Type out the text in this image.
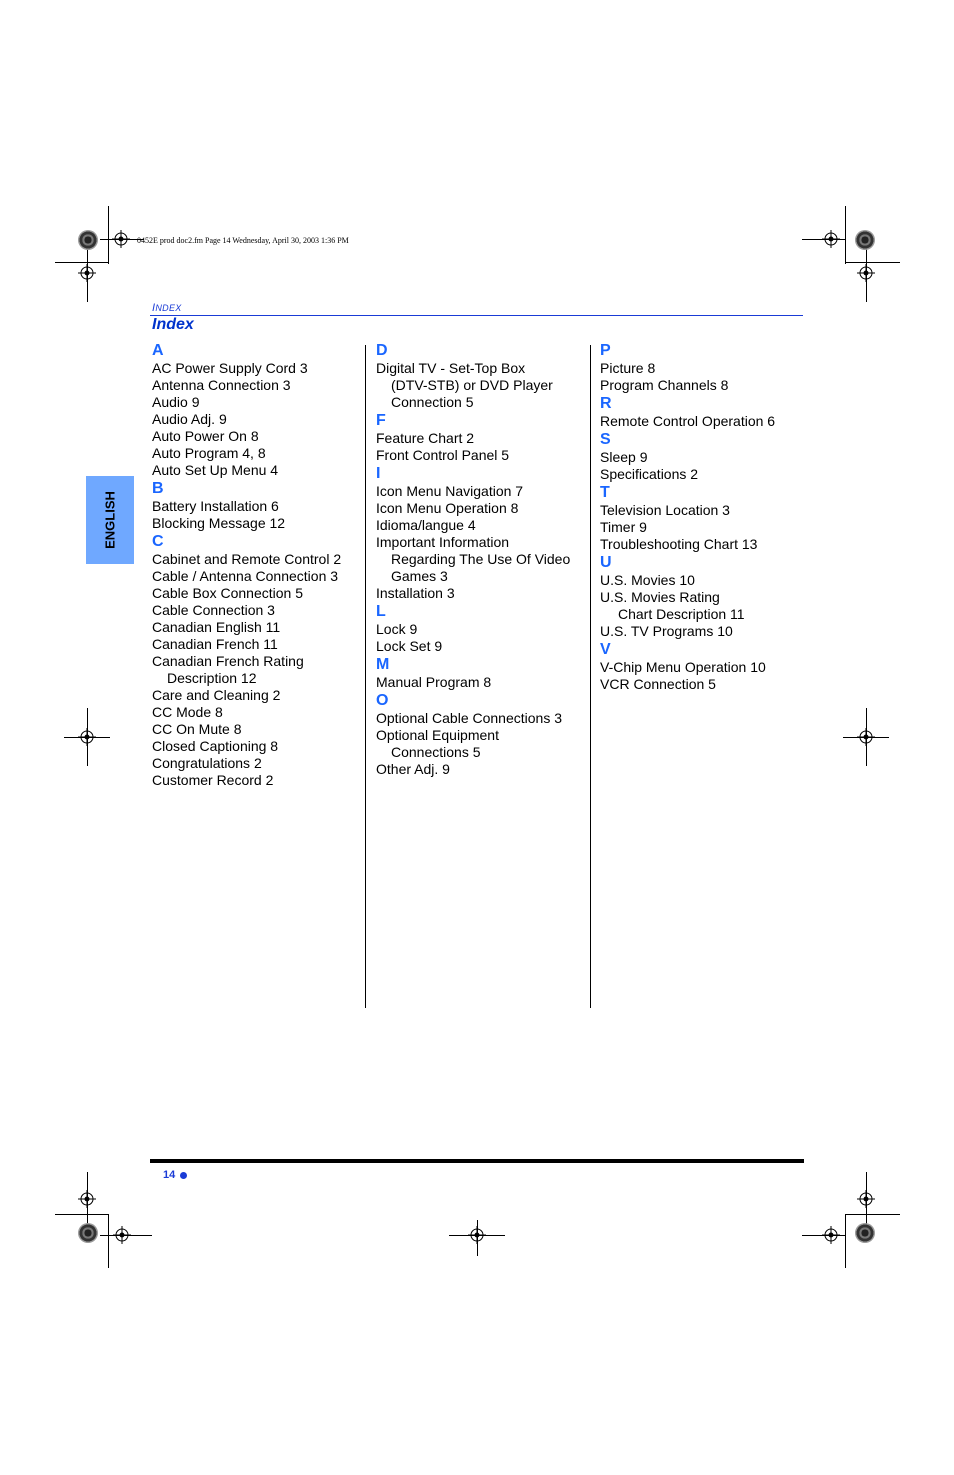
0452E prod doc2.fm Page 14 Wednesday, April 30, 2003 1:36 PM
INDEX
Index
ENGLISH
A
AC Power Supply Cord 3
Antenna Connection 3
Audio 9
Audio Adj. 9
Auto Power On 8
Auto Program 4, 8
Auto Set Up Menu 4
B
Battery Installation 6
Blocking Message 12
C
Cabinet and Remote Control 2
Cable / Antenna Connection 3
Cable Box Connection 5
Cable Connection 3
Canadian English 11
Canadian French 11
Canadian French Rating
Description 12
Care and Cleaning 2
CC Mode 8
CC On Mute 8
Closed Captioning 8
Congratulations 2
Customer Record 2
D
Digital TV - Set-Top Box
(DTV-STB) or DVD Player
Connection 5
F
Feature Chart 2
Front Control Panel 5
I
Icon Menu Navigation 7
Icon Menu Operation 8
Idioma/langue 4
Important Information
Regarding The Use Of Video
Games 3
Installation 3
L
Lock 9
Lock Set 9
M
Manual Program 8
O
Optional Cable Connections 3
Optional Equipment
Connections 5
Other Adj. 9
P
Picture 8
Program Channels 8
R
Remote Control Operation 6
S
Sleep 9
Specifications 2
T
Television Location 3
Timer 9
Troubleshooting Chart 13
U
U.S. Movies 10
U.S. Movies Rating
Chart Description 11
U.S. TV Programs 10
V
V-Chip Menu Operation 10
VCR Connection 5
14
